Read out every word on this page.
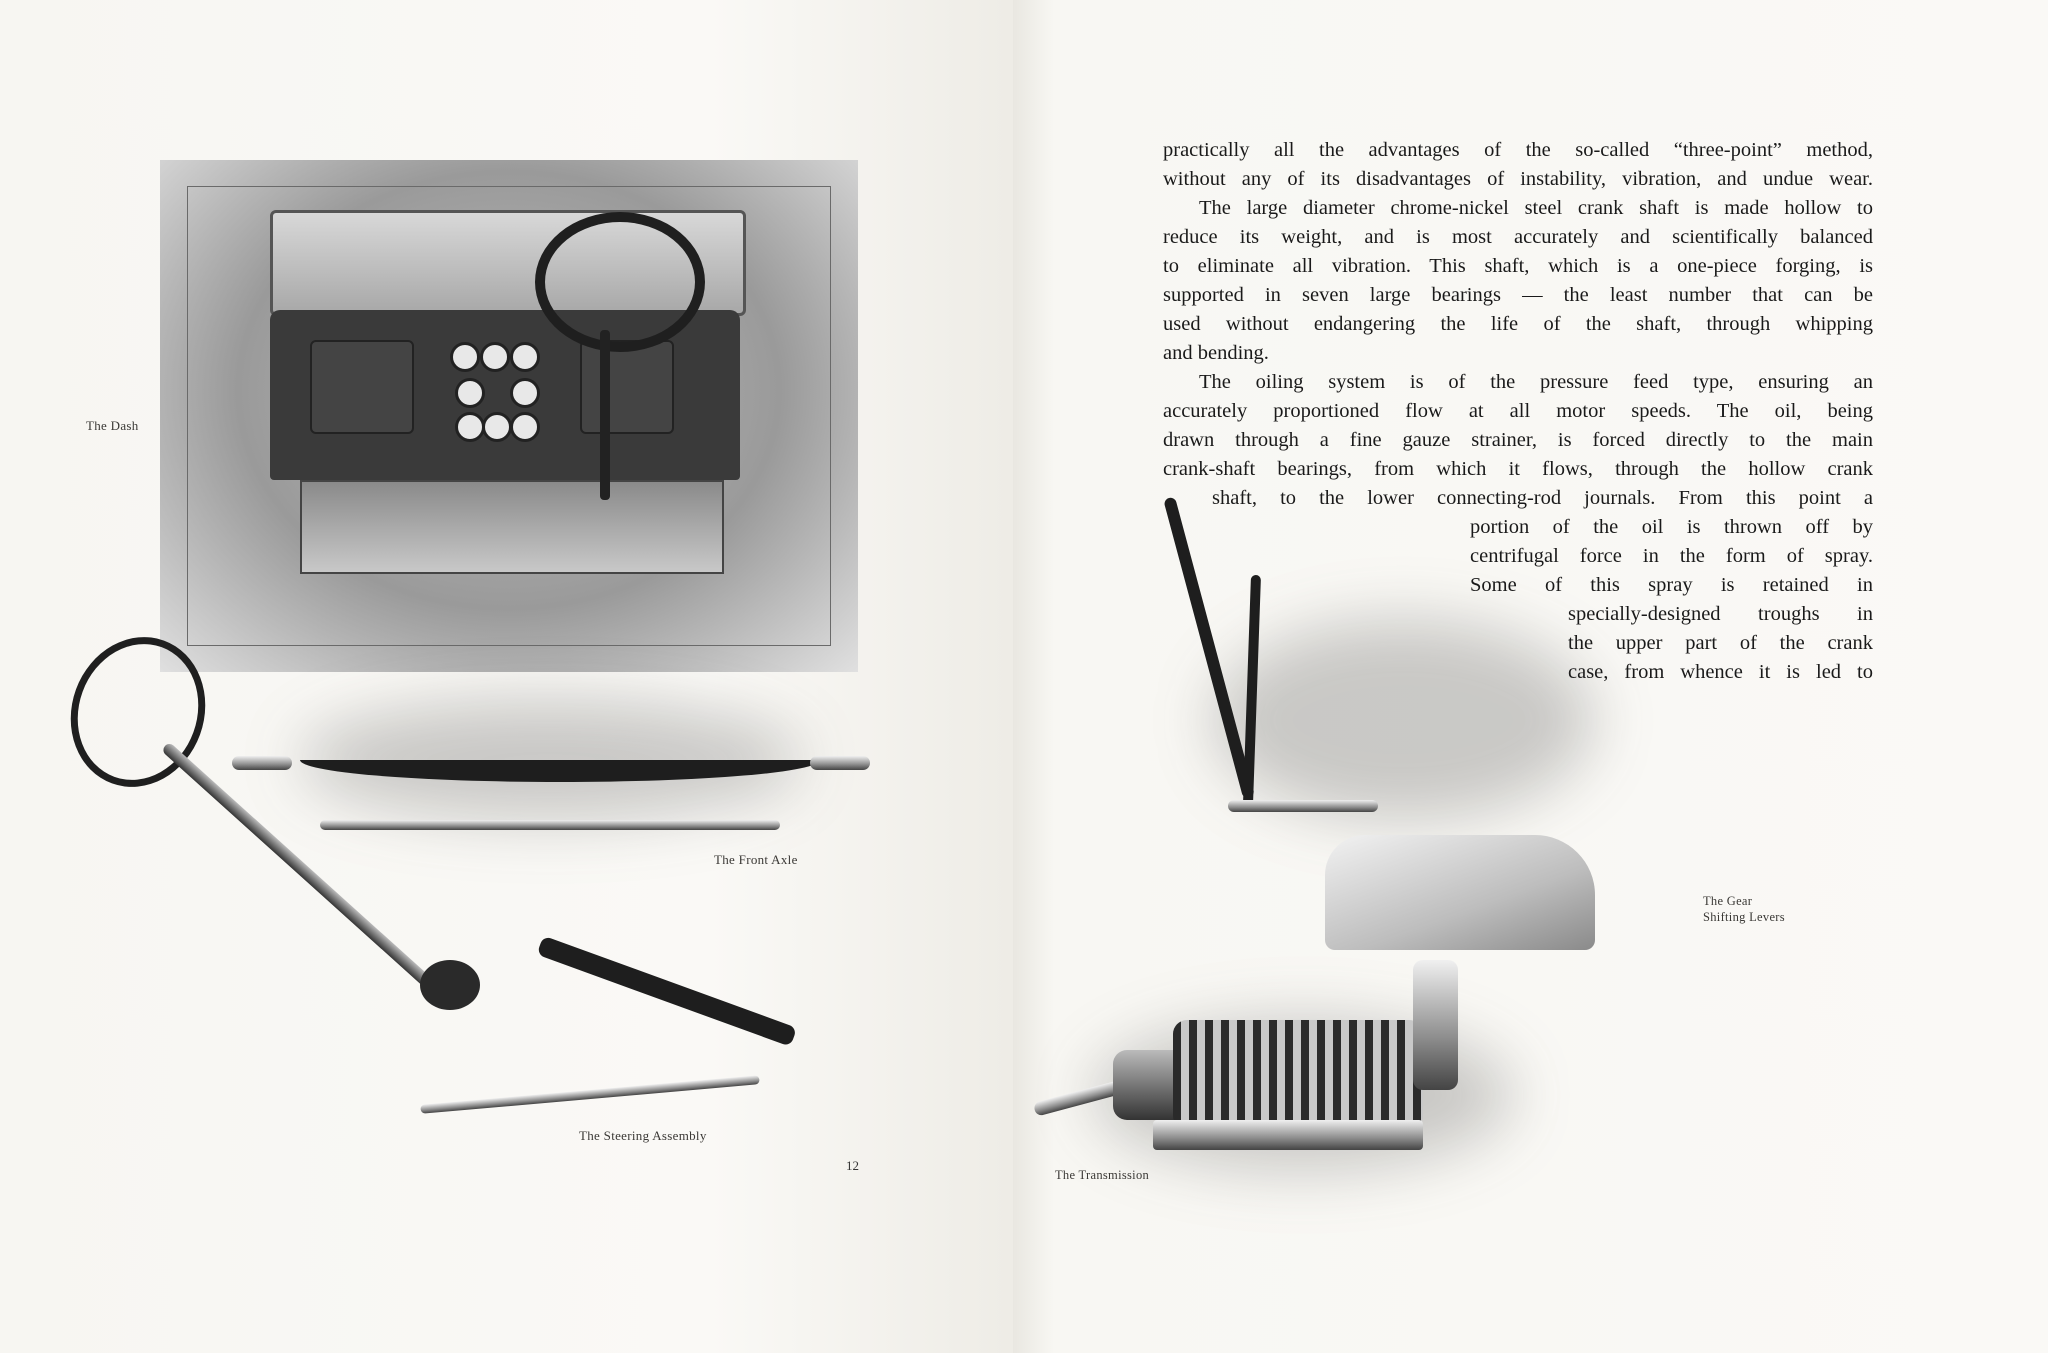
The Dash
The Front Axle
The Steering Assembly
12
practically all the advantages of the so-called “three-point” method,
without any of its disadvantages of instability, vibration, and undue wear.
The large diameter chrome-nickel steel crank shaft is made hollow to
reduce its weight, and is most accurately and scientifically balanced
to eliminate all vibration. This shaft, which is a one-piece forging, is
supported in seven large bearings — the least number that can be
used without endangering the life of the shaft, through whipping
and bending.
The oiling system is of the pressure feed type, ensuring an
accurately proportioned flow at all motor speeds. The oil, being
drawn through a fine gauze strainer, is forced directly to the main
crank-shaft bearings, from which it flows, through the hollow crank
shaft, to the lower connecting-rod journals. From this point a
portion of the oil is thrown off by
centrifugal force in the form of spray.
Some of this spray is retained in
specially-designed troughs in
the upper part of the crank
case, from whence it is led to
The Gear
Shifting Levers
The Transmission
